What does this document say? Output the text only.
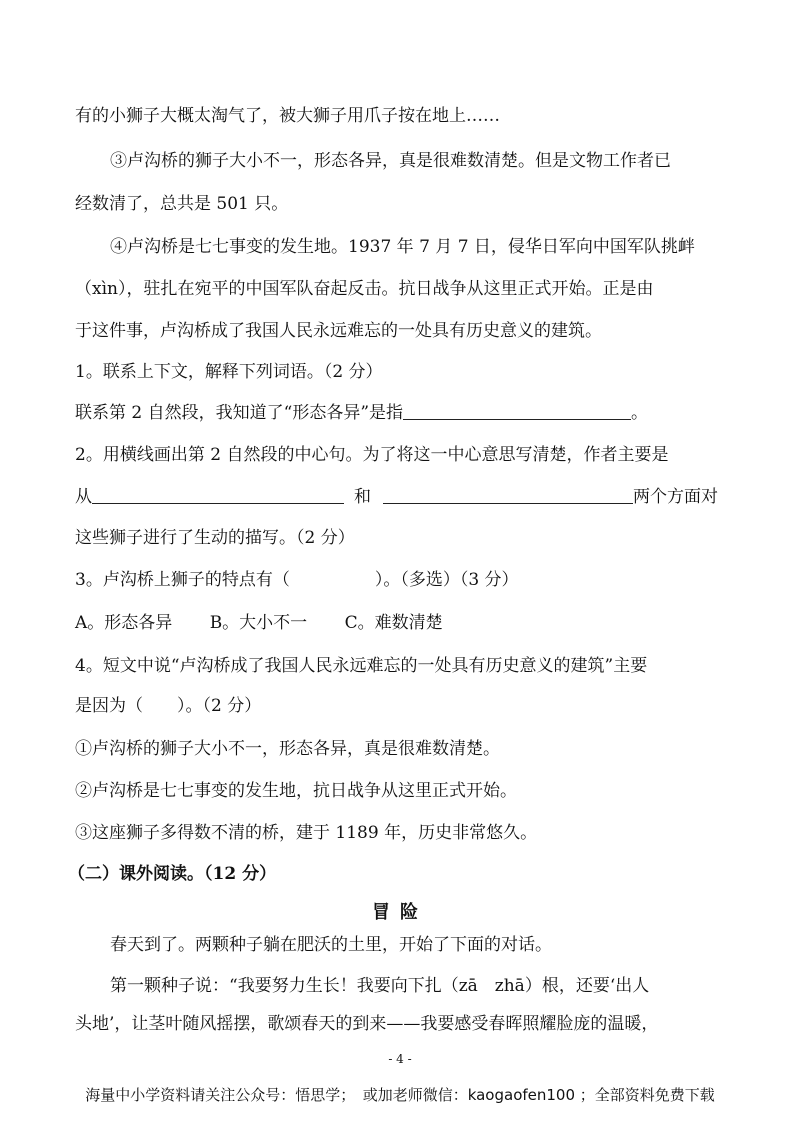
有的小狮子大概太淘气了，被大狮子用爪子按在地上……
③卢沟桥的狮子大小不一，形态各异，真是很难数清楚。但是文物工作者已
经数清了，总共是 501 只。
④卢沟桥是七七事变的发生地。1937 年 7 月 7 日，侵华日军向中国军队挑衅
（xìn），驻扎在宛平的中国军队奋起反击。抗日战争从这里正式开始。正是由
于这件事，卢沟桥成了我国人民永远难忘的一处具有历史意义的建筑。
1。联系上下文，解释下列词语。（2 分）
联系第 2 自然段，我知道了“形态各异”是指	。
2。用横线画出第 2 自然段的中心句。为了将这一中心意思写清楚，作者主要是
从	和	两个方面对
这些狮子进行了生动的描写。（2 分）
3。卢沟桥上狮子的特点有（　　　　　）。（多选）（3 分）
A。形态各异 B。大小不一 C。难数清楚
4。短文中说“卢沟桥成了我国人民永远难忘的一处具有历史意义的建筑”主要
是因为（　　）。（2 分）
①卢沟桥的狮子大小不一，形态各异，真是很难数清楚。
②卢沟桥是七七事变的发生地，抗日战争从这里正式开始。
③这座狮子多得数不清的桥，建于 1189 年，历史非常悠久。
（二）课外阅读。（12 分）
冒险
春天到了。两颗种子躺在肥沃的土里，开始了下面的对话。
第一颗种子说：“我要努力生长！我要向下扎（zā　zhā）根，还要‘出人
头地’，让茎叶随风摇摆，歌颂春天的到来——我要感受春晖照耀脸庞的温暖，
- 4 -
海量中小学资料请关注公众号：悟思学；　或加老师微信：kaogaofen100 ；全部资料免费下载
